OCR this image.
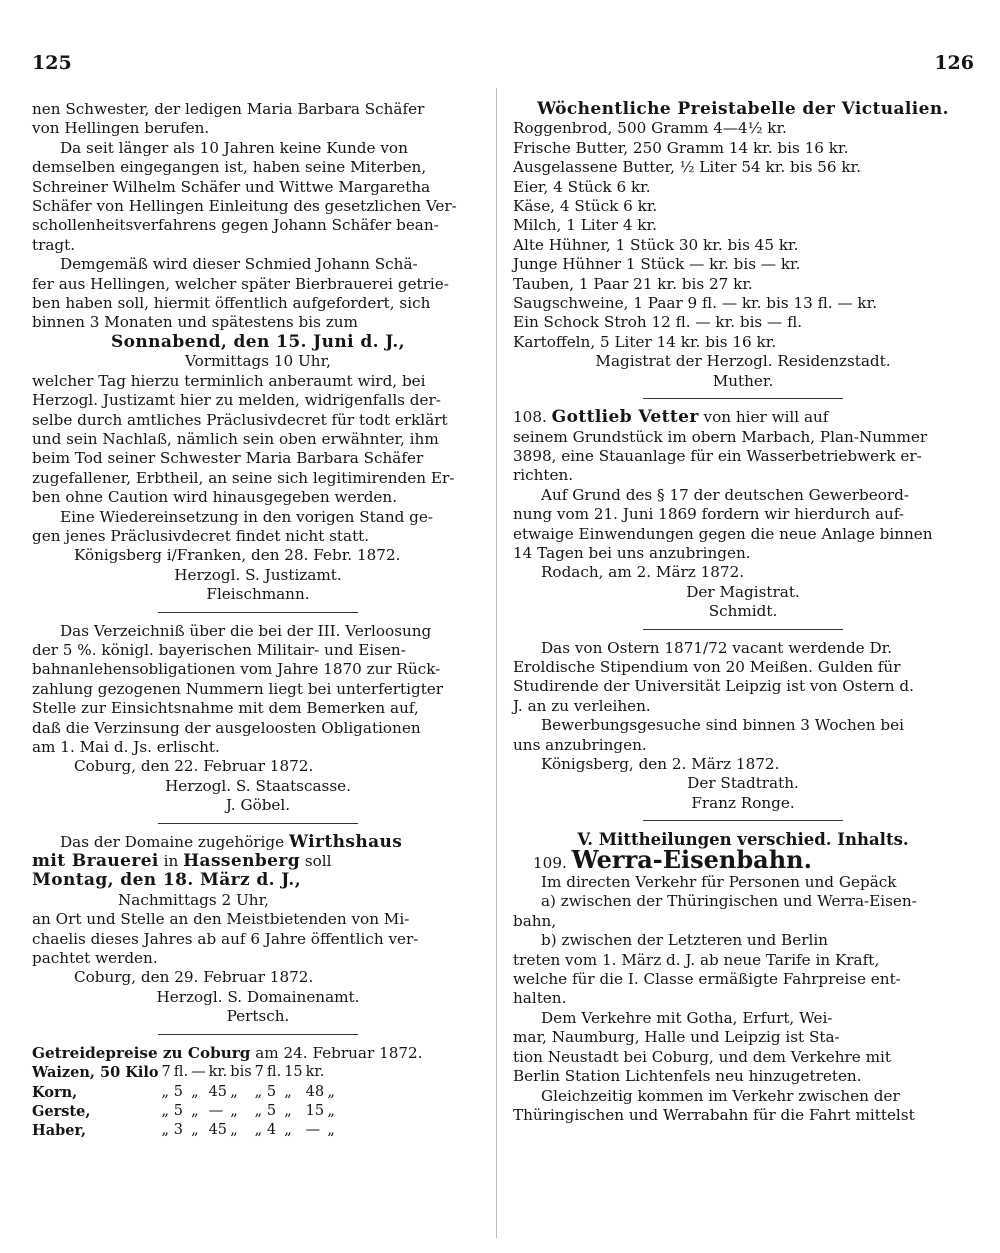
125	126

nen Schwester, der ledigen Maria Barbara Schäfer
von Hellingen berufen.

Da seit länger als 10 Jahren keine Kunde von
demselben eingegangen ist, haben seine Miterben,
Schreiner Wilhelm Schäfer und Wittwe Margaretha
Schäfer von Hellingen Einleitung des gesetzlichen Ver-
schollenheitsverfahrens gegen Johann Schäfer bean-
tragt.

Demgemäß wird dieser Schmied Johann Schä-
fer aus Hellingen, welcher später Bierbrauerei getrie-
ben haben soll, hiermit öffentlich aufgefordert, sich
binnen 3 Monaten und spätestens bis zum

Sonnabend, den 15. Juni d. J.,

Vormittags 10 Uhr,

welcher Tag hierzu terminlich anberaumt wird, bei
Herzogl. Justizamt hier zu melden, widrigenfalls der-
selbe durch amtliches Präclusivdecret für todt erklärt
und sein Nachlaß, nämlich sein oben erwähnter, ihm
beim Tod seiner Schwester Maria Barbara Schäfer
zugefallener, Erbtheil, an seine sich legitimirenden Er-
ben ohne Caution wird hinausgegeben werden.

Eine Wiedereinsetzung in den vorigen Stand ge-
gen jenes Präclusivdecret findet nicht statt.

Königsberg i/Franken, den 28. Febr. 1872.

Herzogl. S. Justizamt.

Fleischmann.

Das Verzeichniß über die bei der III. Verloosung
der 5 %. königl. bayerischen Militair- und Eisen-
bahnanlehensobligationen vom Jahre 1870 zur Rück-
zahlung gezogenen Nummern liegt bei unterfertigter
Stelle zur Einsichtsnahme mit dem Bemerken auf,
daß die Verzinsung der ausgeloosten Obligationen
am 1. Mai d. Js. erlischt.

Coburg, den 22. Februar 1872.

Herzogl. S. Staatscasse.

J. Göbel.

Das der Domaine zugehörige Wirthshaus

mit Brauerei in Hassenberg soll

Montag, den 18. März d. J.,

Nachmittags 2 Uhr,

an Ort und Stelle an den Meistbietenden von Mi-
chaelis dieses Jahres ab auf 6 Jahre öffentlich ver-
pachtet werden.

Coburg, den 29. Februar 1872.

Herzogl. S. Domainenamt.

Pertsch.

Getreidepreise zu Coburg am 24. Februar 1872.

Waizen, 50 Kilo	7	fl.	—	kr.	bis	7	fl.	15	kr.	
Korn,	„	5	„	45	„	„	5	„	48	„
Gerste,	„	5	„	—	„	„	5	„	15	„
Haber,	„	3	„	45	„	„	4	„	—	„

Wöchentliche Preistabelle der Victualien.

Roggenbrod, 500 Gramm 4—4½ kr.
Frische Butter, 250 Gramm 14 kr. bis 16 kr.
Ausgelassene Butter, ½ Liter 54 kr. bis 56 kr.
Eier, 4 Stück 6 kr.
Käse, 4 Stück 6 kr.
Milch, 1 Liter 4 kr.
Alte Hühner, 1 Stück 30 kr. bis 45 kr.
Junge Hühner 1 Stück — kr. bis — kr.
Tauben, 1 Paar 21 kr. bis 27 kr.
Saugschweine, 1 Paar 9 fl. — kr. bis 13 fl. — kr.
Ein Schock Stroh 12 fl. — kr. bis — fl.
Kartoffeln, 5 Liter 14 kr. bis 16 kr.

Magistrat der Herzogl. Residenzstadt.

Muther.

108. Gottlieb Vetter von hier will auf

seinem Grundstück im obern Marbach, Plan-Nummer
3898, eine Stauanlage für ein Wasserbetriebwerk er-
richten.

Auf Grund des § 17 der deutschen Gewerbeord-
nung vom 21. Juni 1869 fordern wir hierdurch auf-
etwaige Einwendungen gegen die neue Anlage binnen
14 Tagen bei uns anzubringen.

Rodach, am 2. März 1872.

Der Magistrat.

Schmidt.

Das von Ostern 1871/72 vacant werdende Dr.
Eroldische Stipendium von 20 Meißen. Gulden für
Studirende der Universität Leipzig ist von Ostern d.
J. an zu verleihen.

Bewerbungsgesuche sind binnen 3 Wochen bei
uns anzubringen.

Königsberg, den 2. März 1872.

Der Stadtrath.

Franz Ronge.

V. Mittheilungen verschied. Inhalts.

109. Werra-Eisenbahn.

Im directen Verkehr für Personen und Gepäck

a) zwischen der Thüringischen und Werra-Eisen-
bahn,

b) zwischen der Letzteren und Berlin

treten vom 1. März d. J. ab neue Tarife in Kraft,
welche für die I. Classe ermäßigte Fahrpreise ent-
halten.

Dem Verkehre mit Gotha, Erfurt, Wei-
mar, Naumburg, Halle und Leipzig ist Sta-
tion Neustadt bei Coburg, und dem Verkehre mit
Berlin Station Lichtenfels neu hinzugetreten.

Gleichzeitig kommen im Verkehr zwischen der
Thüringischen und Werrabahn für die Fahrt mittelst
